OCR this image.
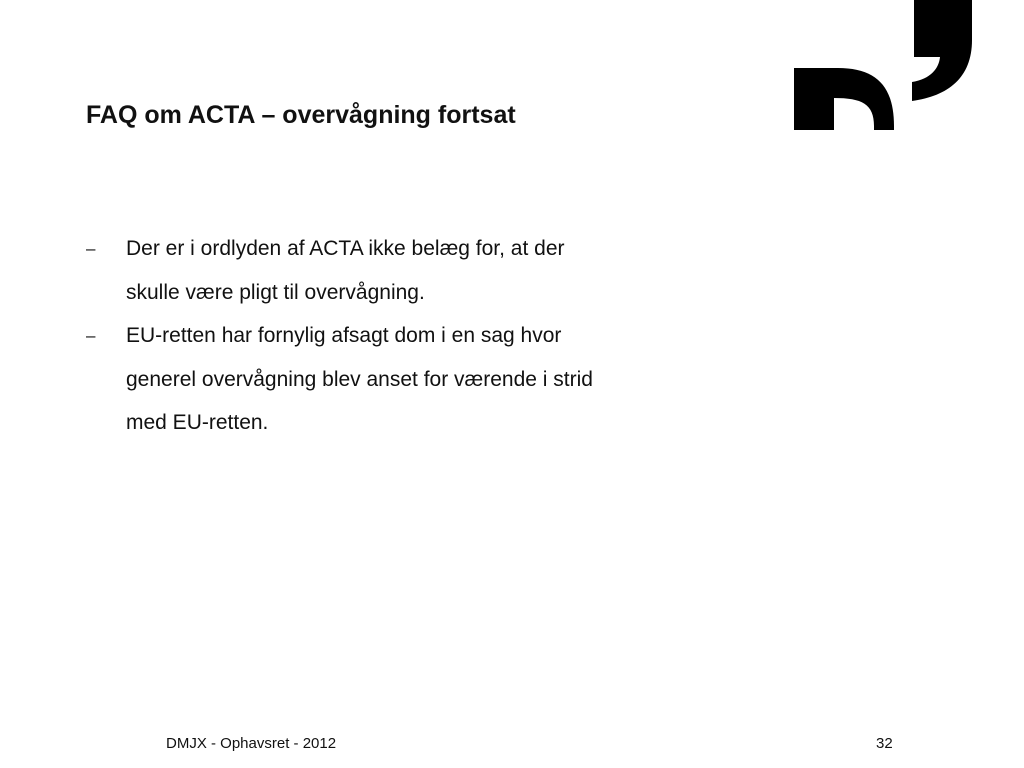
FAQ om ACTA – overvågning fortsat
– Der er i ordlyden af ACTA ikke belæg for, at der
skulle være pligt til overvågning.
– EU-retten har fornylig afsagt dom i en sag hvor
generel overvågning blev anset for værende i strid
med EU-retten.

DMJX - Ophavsret - 2012	32
